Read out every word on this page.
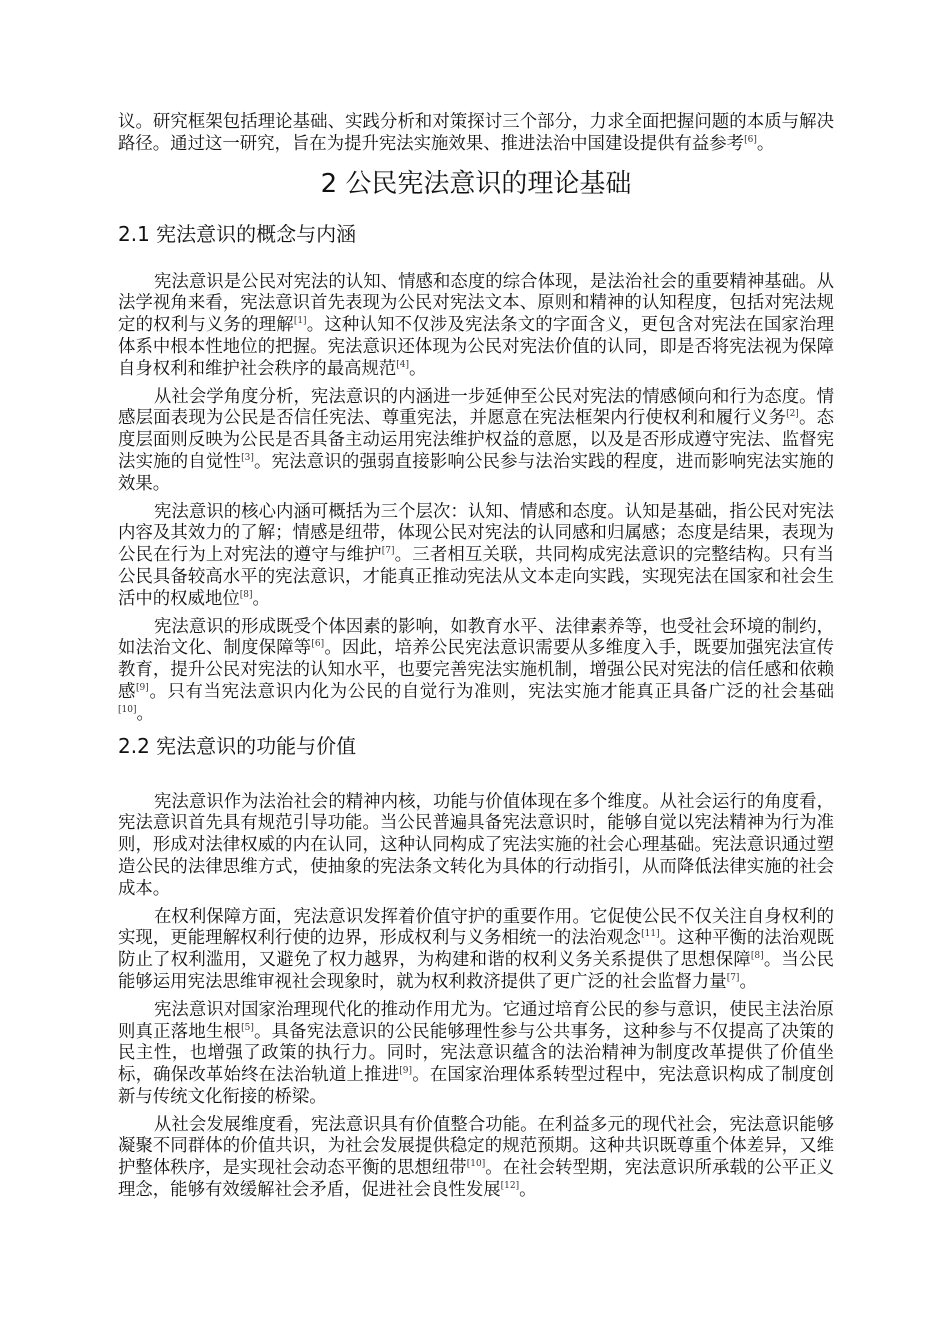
议。研究框架包括理论基础、实践分析和对策探讨三个部分，力求全面把握问题的本质与解决路径。通过这一研究，旨在为提升宪法实施效果、推进法治中国建设提供有益参考[6]。

2 公民宪法意识的理论基础
2.1 宪法意识的概念与内涵

宪法意识是公民对宪法的认知、情感和态度的综合体现，是法治社会的重要精神基础。从法学视角来看，宪法意识首先表现为公民对宪法文本、原则和精神的认知程度，包括对宪法规定的权利与义务的理解[1]。这种认知不仅涉及宪法条文的字面含义，更包含对宪法在国家治理体系中根本性地位的把握。宪法意识还体现为公民对宪法价值的认同，即是否将宪法视为保障自身权利和维护社会秩序的最高规范[4]。

从社会学角度分析，宪法意识的内涵进一步延伸至公民对宪法的情感倾向和行为态度。情感层面表现为公民是否信任宪法、尊重宪法，并愿意在宪法框架内行使权利和履行义务[2]。态度层面则反映为公民是否具备主动运用宪法维护权益的意愿，以及是否形成遵守宪法、监督宪法实施的自觉性[3]。宪法意识的强弱直接影响公民参与法治实践的程度，进而影响宪法实施的效果。

宪法意识的核心内涵可概括为三个层次：认知、情感和态度。认知是基础，指公民对宪法内容及其效力的了解；情感是纽带，体现公民对宪法的认同感和归属感；态度是结果，表现为公民在行为上对宪法的遵守与维护[7]。三者相互关联，共同构成宪法意识的完整结构。只有当公民具备较高水平的宪法意识，才能真正推动宪法从文本走向实践，实现宪法在国家和社会生活中的权威地位[8]。

宪法意识的形成既受个体因素的影响，如教育水平、法律素养等，也受社会环境的制约，如法治文化、制度保障等[6]。因此，培养公民宪法意识需要从多维度入手，既要加强宪法宣传教育，提升公民对宪法的认知水平，也要完善宪法实施机制，增强公民对宪法的信任感和依赖感[9]。只有当宪法意识内化为公民的自觉行为准则，宪法实施才能真正具备广泛的社会基础[10]。

2.2 宪法意识的功能与价值

宪法意识作为法治社会的精神内核，功能与价值体现在多个维度。从社会运行的角度看，宪法意识首先具有规范引导功能。当公民普遍具备宪法意识时，能够自觉以宪法精神为行为准则，形成对法律权威的内在认同，这种认同构成了宪法实施的社会心理基础。宪法意识通过塑造公民的法律思维方式，使抽象的宪法条文转化为具体的行动指引，从而降低法律实施的社会成本。

在权利保障方面，宪法意识发挥着价值守护的重要作用。它促使公民不仅关注自身权利的实现，更能理解权利行使的边界，形成权利与义务相统一的法治观念[11]。这种平衡的法治观既防止了权利滥用，又避免了权力越界，为构建和谐的权利义务关系提供了思想保障[8]。当公民能够运用宪法思维审视社会现象时，就为权利救济提供了更广泛的社会监督力量[7]。

宪法意识对国家治理现代化的推动作用尤为。它通过培育公民的参与意识，使民主法治原则真正落地生根[5]。具备宪法意识的公民能够理性参与公共事务，这种参与不仅提高了决策的民主性，也增强了政策的执行力。同时，宪法意识蕴含的法治精神为制度改革提供了价值坐标，确保改革始终在法治轨道上推进[9]。在国家治理体系转型过程中，宪法意识构成了制度创新与传统文化衔接的桥梁。

从社会发展维度看，宪法意识具有价值整合功能。在利益多元的现代社会，宪法意识能够凝聚不同群体的价值共识，为社会发展提供稳定的规范预期。这种共识既尊重个体差异，又维护整体秩序，是实现社会动态平衡的思想纽带[10]。在社会转型期，宪法意识所承载的公平正义理念，能够有效缓解社会矛盾，促进社会良性发展[12]。
